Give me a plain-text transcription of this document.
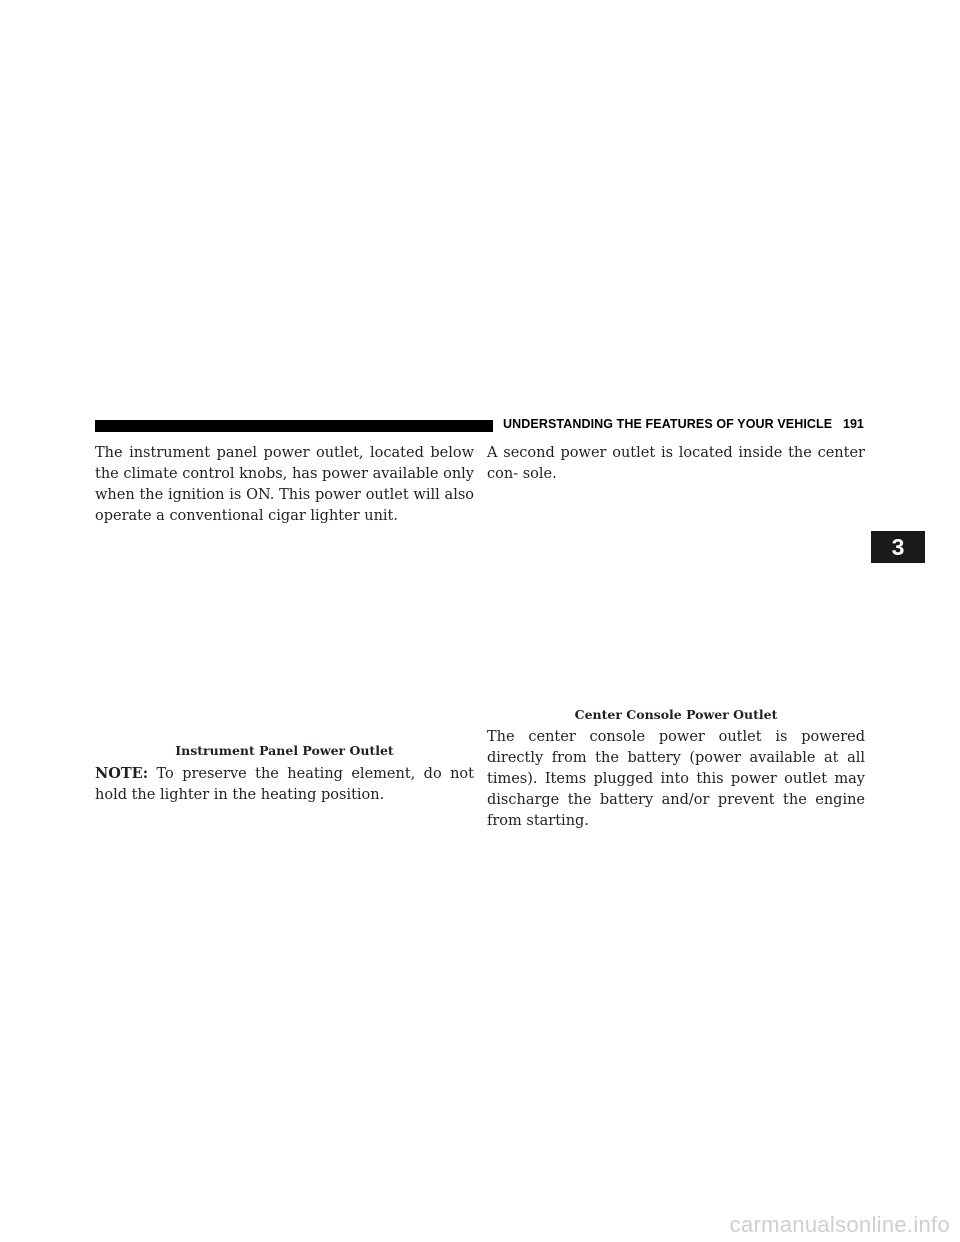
UNDERSTANDING THE FEATURES OF YOUR VEHICLE 191
The instrument panel power outlet, located below the climate control knobs, has power available only when the ignition is ON. This power outlet will also operate a conventional cigar lighter unit.
Instrument Panel Power Outlet
NOTE: To preserve the heating element, do not hold the lighter in the heating position.
A second power outlet is located inside the center con- sole.
Center Console Power Outlet
The center console power outlet is powered directly from the battery (power available at all times). Items plugged into this power outlet may discharge the battery and/or prevent the engine from starting.
3
carmanualsonline.info
